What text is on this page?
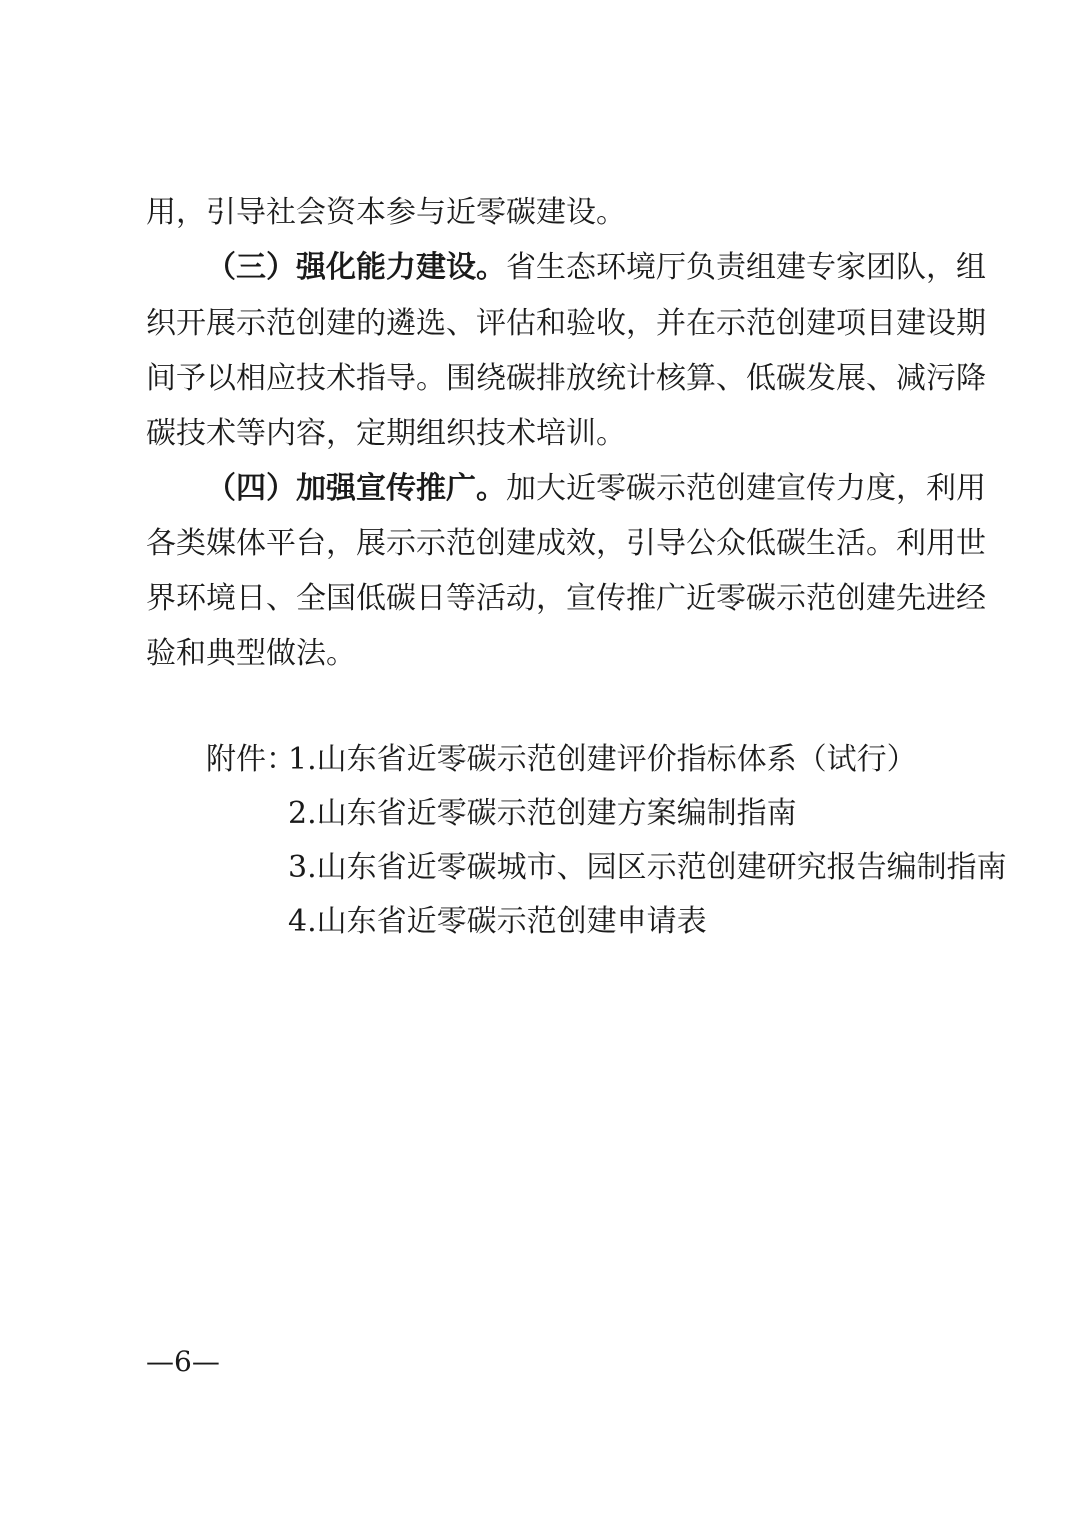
用，引导社会资本参与近零碳建设。
（三）强化能力建设。省生态环境厅负责组建专家团队，组
织开展示范创建的遴选、评估和验收，并在示范创建项目建设期
间予以相应技术指导。围绕碳排放统计核算、低碳发展、减污降
碳技术等内容，定期组织技术培训。
（四）加强宣传推广。加大近零碳示范创建宣传力度，利用
各类媒体平台，展示示范创建成效，引导公众低碳生活。利用世
界环境日、全国低碳日等活动，宣传推广近零碳示范创建先进经
验和典型做法。
附件：
1.山东省近零碳示范创建评价指标体系（试行）
2.山东省近零碳示范创建方案编制指南
3.山东省近零碳城市、园区示范创建研究报告编制指南
4.山东省近零碳示范创建申请表
—6—
